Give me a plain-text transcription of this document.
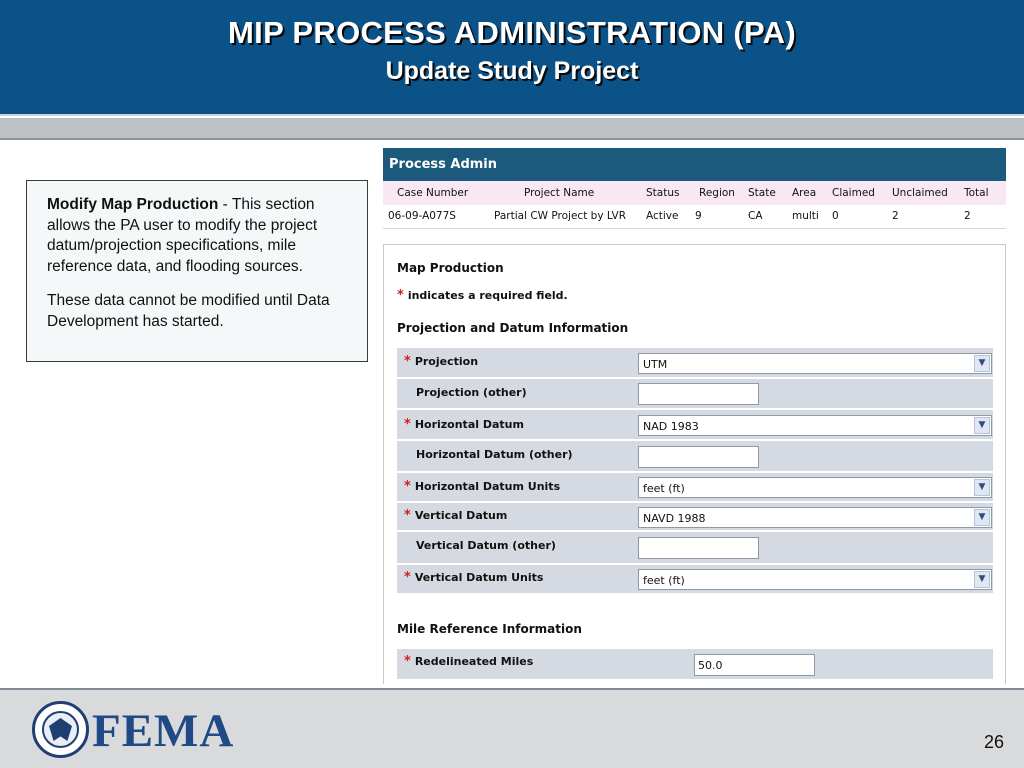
MIP PROCESS ADMINISTRATION (PA)
Update Study Project

Modify Map Production - This section allows the PA user to modify the project datum/projection specifications, mile reference data, and flooding sources.

These data cannot be modified until Data Development has started.

Process Admin
Case Number	Project Name	Status	Region	State	Area	Claimed	Unclaimed	Total
06-09-A077S	Partial CW Project by LVR	Active	9	CA	multi	0	2	2
Map Production
* indicates a required field.
Projection and Datum Information
* Projection	UTM	▼
Projection (other)
* Horizontal Datum	NAD 1983	▼
Horizontal Datum (other)
* Horizontal Datum Units	feet (ft)	▼
* Vertical Datum	NAVD 1988	▼
Vertical Datum (other)
* Vertical Datum Units	feet (ft)	▼
Mile Reference Information
* Redelineated Miles	50.0
FEMA	26
